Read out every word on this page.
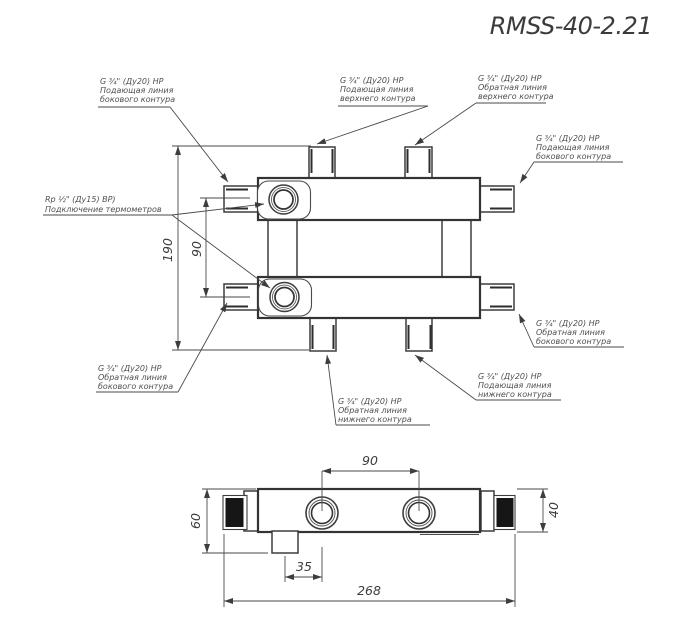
RMSS-40-2.21
190 90
G ¾" (Ду20) НР
Подающая линия
бокового контура
G ¾" (Ду20) НР
Подающая линия
верхнего контура
G ¾" (Ду20) НР
Обратная линия
верхнего контура
G ¾" (Ду20) НР
Подающая линия
бокового контура
Rp ½" (Ду15) ВР)
Подключение термометров
G ¾" (Ду20) НР
Обратная линия
бокового контура
G ¾" (Ду20) НР
Обратная линия
нижнего контура
G ¾" (Ду20) НР
Подающая линия
нижнего контура
G ¾" (Ду20) НР
Обратная линия
бокового контура
90
35
268
60
40
